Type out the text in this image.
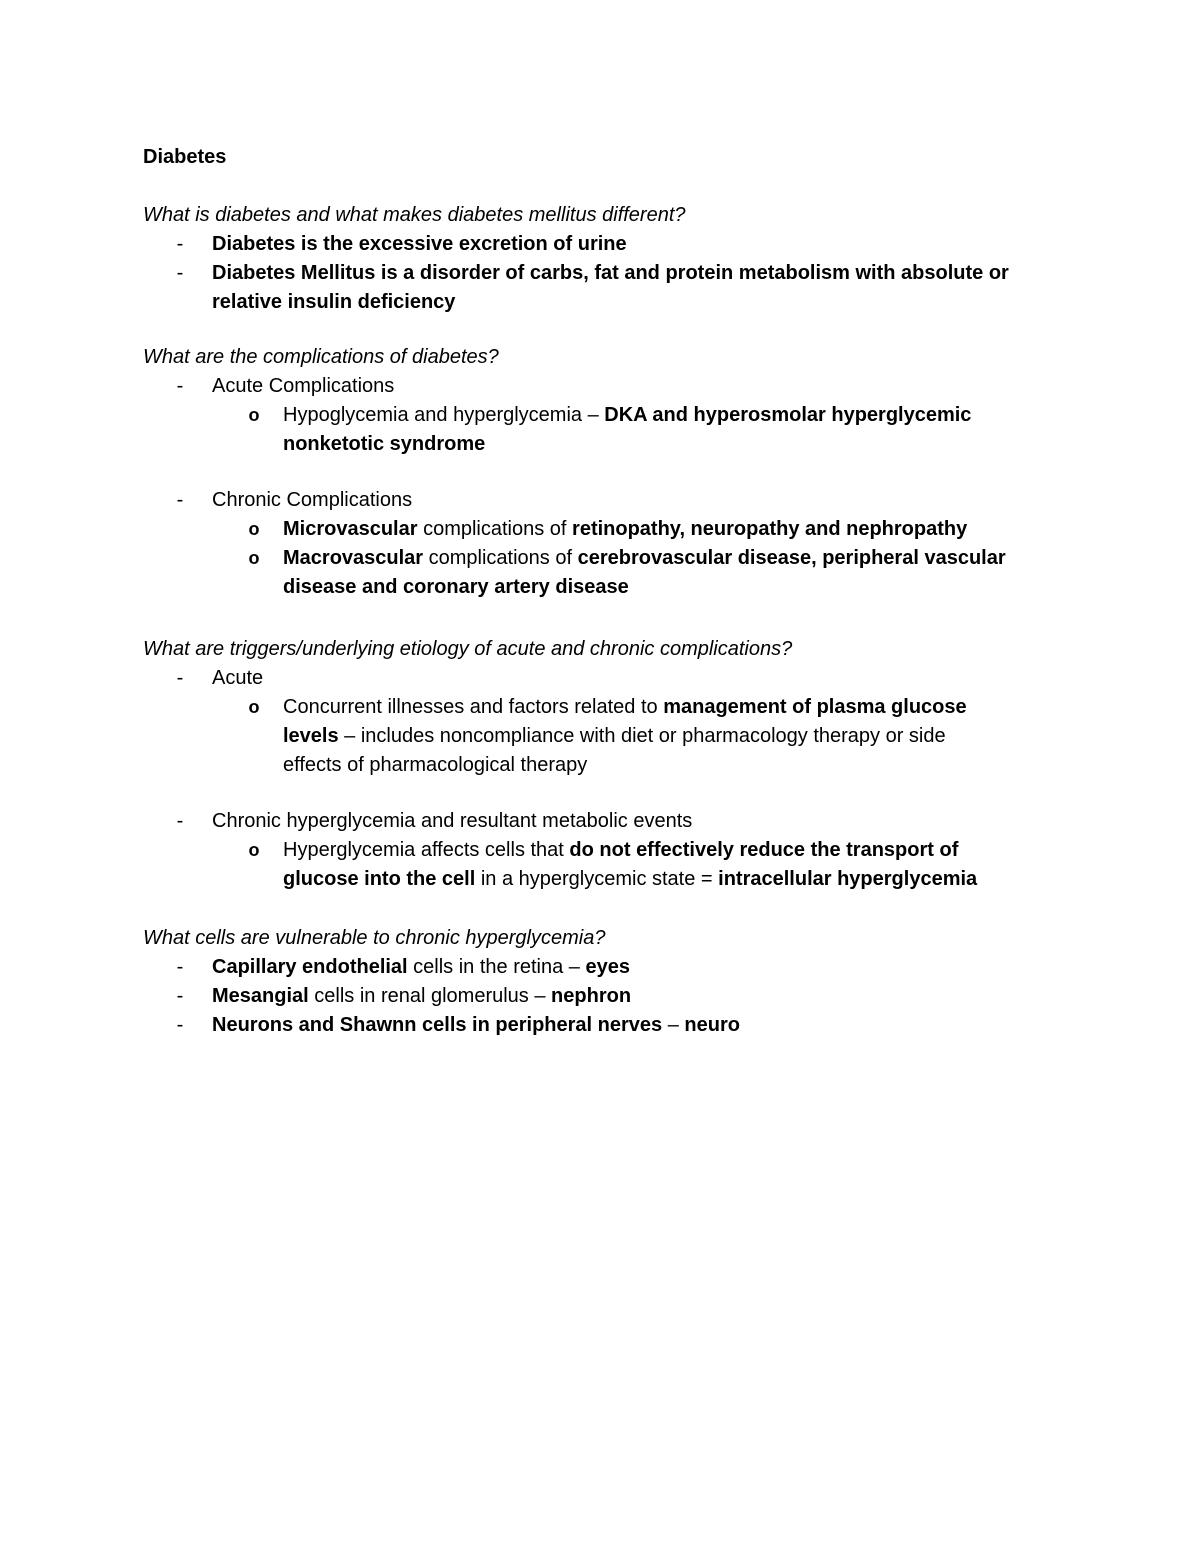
Diabetes
What is diabetes and what makes diabetes mellitus different?
- Diabetes is the excessive excretion of urine
- Diabetes Mellitus is a disorder of carbs, fat and protein metabolism with absolute or
relative insulin deficiency
What are the complications of diabetes?
- Acute Complications
o Hypoglycemia and hyperglycemia – DKA and hyperosmolar hyperglycemic
nonketotic syndrome
- Chronic Complications
o Microvascular complications of retinopathy, neuropathy and nephropathy
o Macrovascular complications of cerebrovascular disease, peripheral vascular
disease and coronary artery disease
What are triggers/underlying etiology of acute and chronic complications?
- Acute
o Concurrent illnesses and factors related to management of plasma glucose
levels – includes noncompliance with diet or pharmacology therapy or side
effects of pharmacological therapy
- Chronic hyperglycemia and resultant metabolic events
o Hyperglycemia affects cells that do not effectively reduce the transport of
glucose into the cell in a hyperglycemic state = intracellular hyperglycemia
What cells are vulnerable to chronic hyperglycemia?
- Capillary endothelial cells in the retina – eyes
- Mesangial cells in renal glomerulus – nephron
- Neurons and Shawnn cells in peripheral nerves – neuro
